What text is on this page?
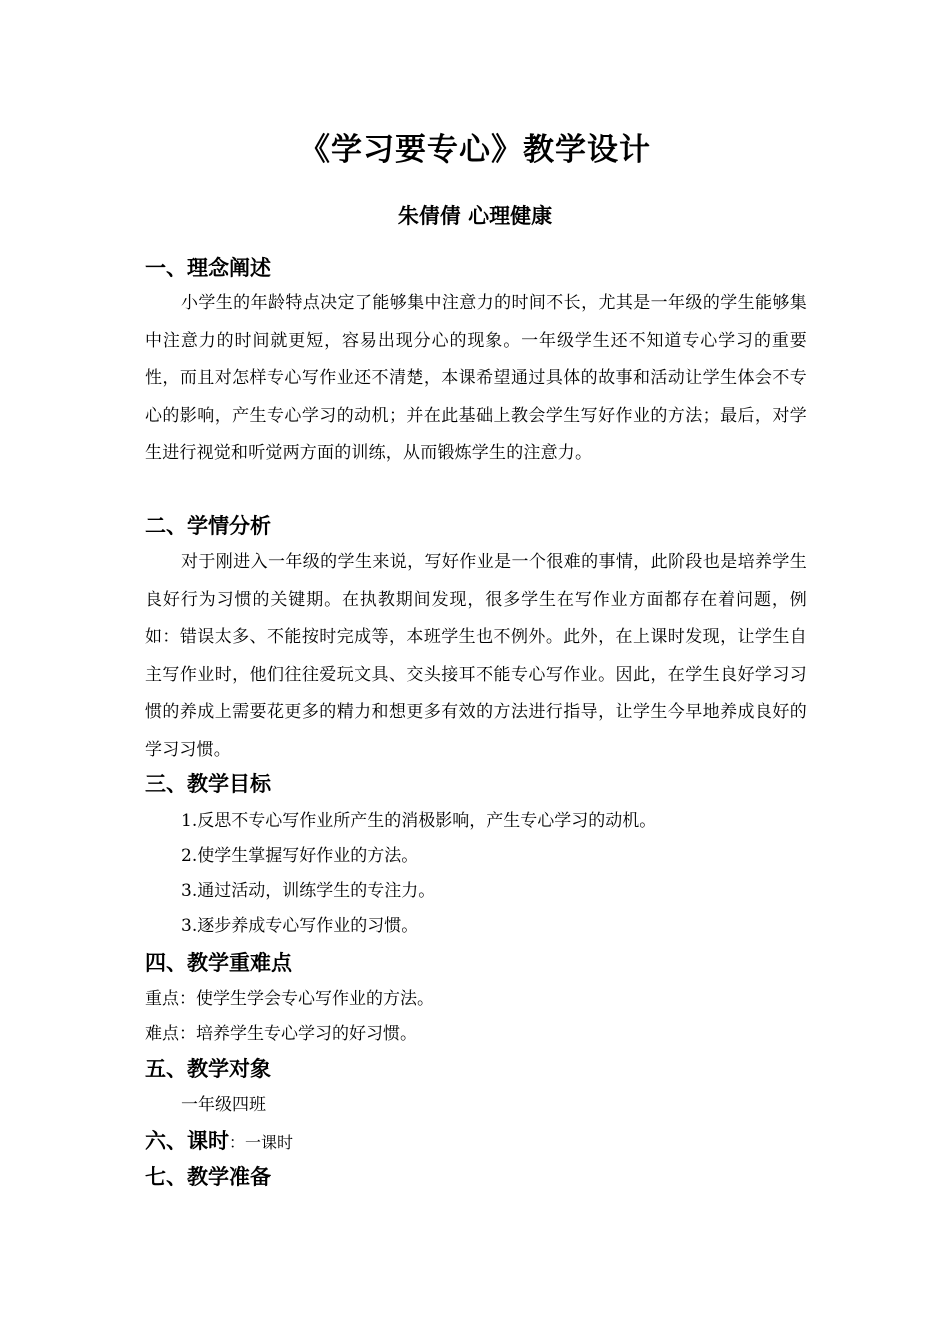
《学习要专心》教学设计
朱倩倩 心理健康
一、理念阐述

小学生的年龄特点决定了能够集中注意力的时间不长，尤其是一年级的学生能够集中注意力的时间就更短，容易出现分心的现象。一年级学生还不知道专心学习的重要性，而且对怎样专心写作业还不清楚，本课希望通过具体的故事和活动让学生体会不专心的影响，产生专心学习的动机；并在此基础上教会学生写好作业的方法；最后，对学生进行视觉和听觉两方面的训练，从而锻炼学生的注意力。

二、学情分析

对于刚进入一年级的学生来说，写好作业是一个很难的事情，此阶段也是培养学生良好行为习惯的关键期。在执教期间发现，很多学生在写作业方面都存在着问题，例如：错误太多、不能按时完成等，本班学生也不例外。此外，在上课时发现，让学生自主写作业时，他们往往爱玩文具、交头接耳不能专心写作业。因此，在学生良好学习习惯的养成上需要花更多的精力和想更多有效的方法进行指导，让学生今早地养成良好的学习习惯。

三、教学目标

1.反思不专心写作业所产生的消极影响，产生专心学习的动机。

2.使学生掌握写好作业的方法。

3.通过活动，训练学生的专注力。

3.逐步养成专心写作业的习惯。

四、教学重难点

重点：使学生学会专心写作业的方法。

难点：培养学生专心学习的好习惯。

五、教学对象

一年级四班

六、课时：一课时
七、教学准备
